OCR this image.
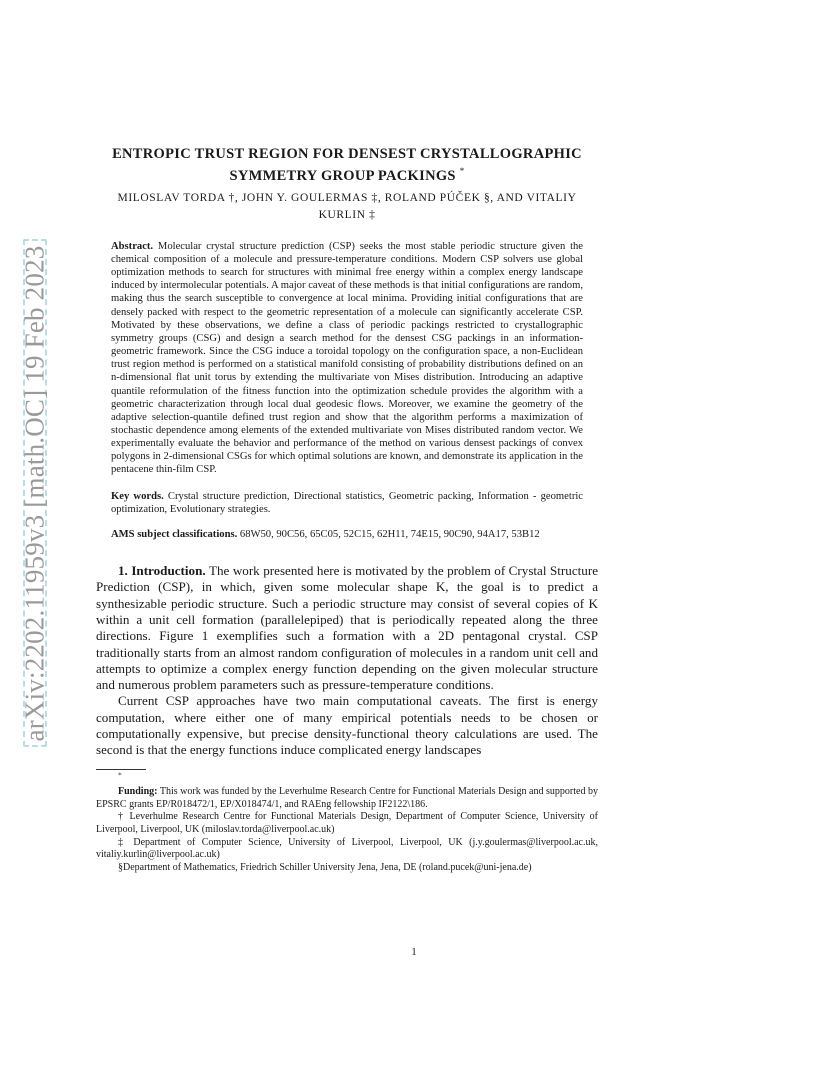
arXiv:2202.11959v3 [math.OC] 19 Feb 2023
ENTROPIC TRUST REGION FOR DENSEST CRYSTALLOGRAPHIC
SYMMETRY GROUP PACKINGS *
MILOSLAV TORDA †, JOHN Y. GOULERMAS ‡, ROLAND PÚČEK §, AND VITALIY
KURLIN ‡
Abstract. Molecular crystal structure prediction (CSP) seeks the most stable periodic structure given the chemical composition of a molecule and pressure-temperature conditions. Modern CSP solvers use global optimization methods to search for structures with minimal free energy within a complex energy landscape induced by intermolecular potentials. A major caveat of these methods is that initial configurations are random, making thus the search susceptible to convergence at local minima. Providing initial configurations that are densely packed with respect to the geometric representation of a molecule can significantly accelerate CSP. Motivated by these observations, we define a class of periodic packings restricted to crystallographic symmetry groups (CSG) and design a search method for the densest CSG packings in an information-geometric framework. Since the CSG induce a toroidal topology on the configuration space, a non-Euclidean trust region method is performed on a statistical manifold consisting of probability distributions defined on an n-dimensional flat unit torus by extending the multivariate von Mises distribution. Introducing an adaptive quantile reformulation of the fitness function into the optimization schedule provides the algorithm with a geometric characterization through local dual geodesic flows. Moreover, we examine the geometry of the adaptive selection-quantile defined trust region and show that the algorithm performs a maximization of stochastic dependence among elements of the extended multivariate von Mises distributed random vector. We experimentally evaluate the behavior and performance of the method on various densest packings of convex polygons in 2-dimensional CSGs for which optimal solutions are known, and demonstrate its application in the pentacene thin-film CSP.
Key words. Crystal structure prediction, Directional statistics, Geometric packing, Information - geometric optimization, Evolutionary strategies.
AMS subject classifications. 68W50, 90C56, 65C05, 52C15, 62H11, 74E15, 90C90, 94A17, 53B12

1. Introduction. The work presented here is motivated by the problem of Crystal Structure Prediction (CSP), in which, given some molecular shape K, the goal is to predict a synthesizable periodic structure. Such a periodic structure may consist of several copies of K within a unit cell formation (parallelepiped) that is periodically repeated along the three directions. Figure 1 exemplifies such a formation with a 2D pentagonal crystal. CSP traditionally starts from an almost random configuration of molecules in a random unit cell and attempts to optimize a complex energy function depending on the given molecular structure and numerous problem parameters such as pressure-temperature conditions.

Current CSP approaches have two main computational caveats. The first is energy computation, where either one of many empirical potentials needs to be chosen or computationally expensive, but precise density-functional theory calculations are used. The second is that the energy functions induce complicated energy landscapes

*

Funding: This work was funded by the Leverhulme Research Centre for Functional Materials Design and supported by EPSRC grants EP/R018472/1, EP/X018474/1, and RAEng fellowship IF2122\186.

† Leverhulme Research Centre for Functional Materials Design, Department of Computer Science, University of Liverpool, Liverpool, UK (miloslav.torda@liverpool.ac.uk)

‡ Department of Computer Science, University of Liverpool, Liverpool, UK (j.y.goulermas@liverpool.ac.uk, vitaliy.kurlin@liverpool.ac.uk)

§Department of Mathematics, Friedrich Schiller University Jena, Jena, DE (roland.pucek@uni-jena.de)

1
